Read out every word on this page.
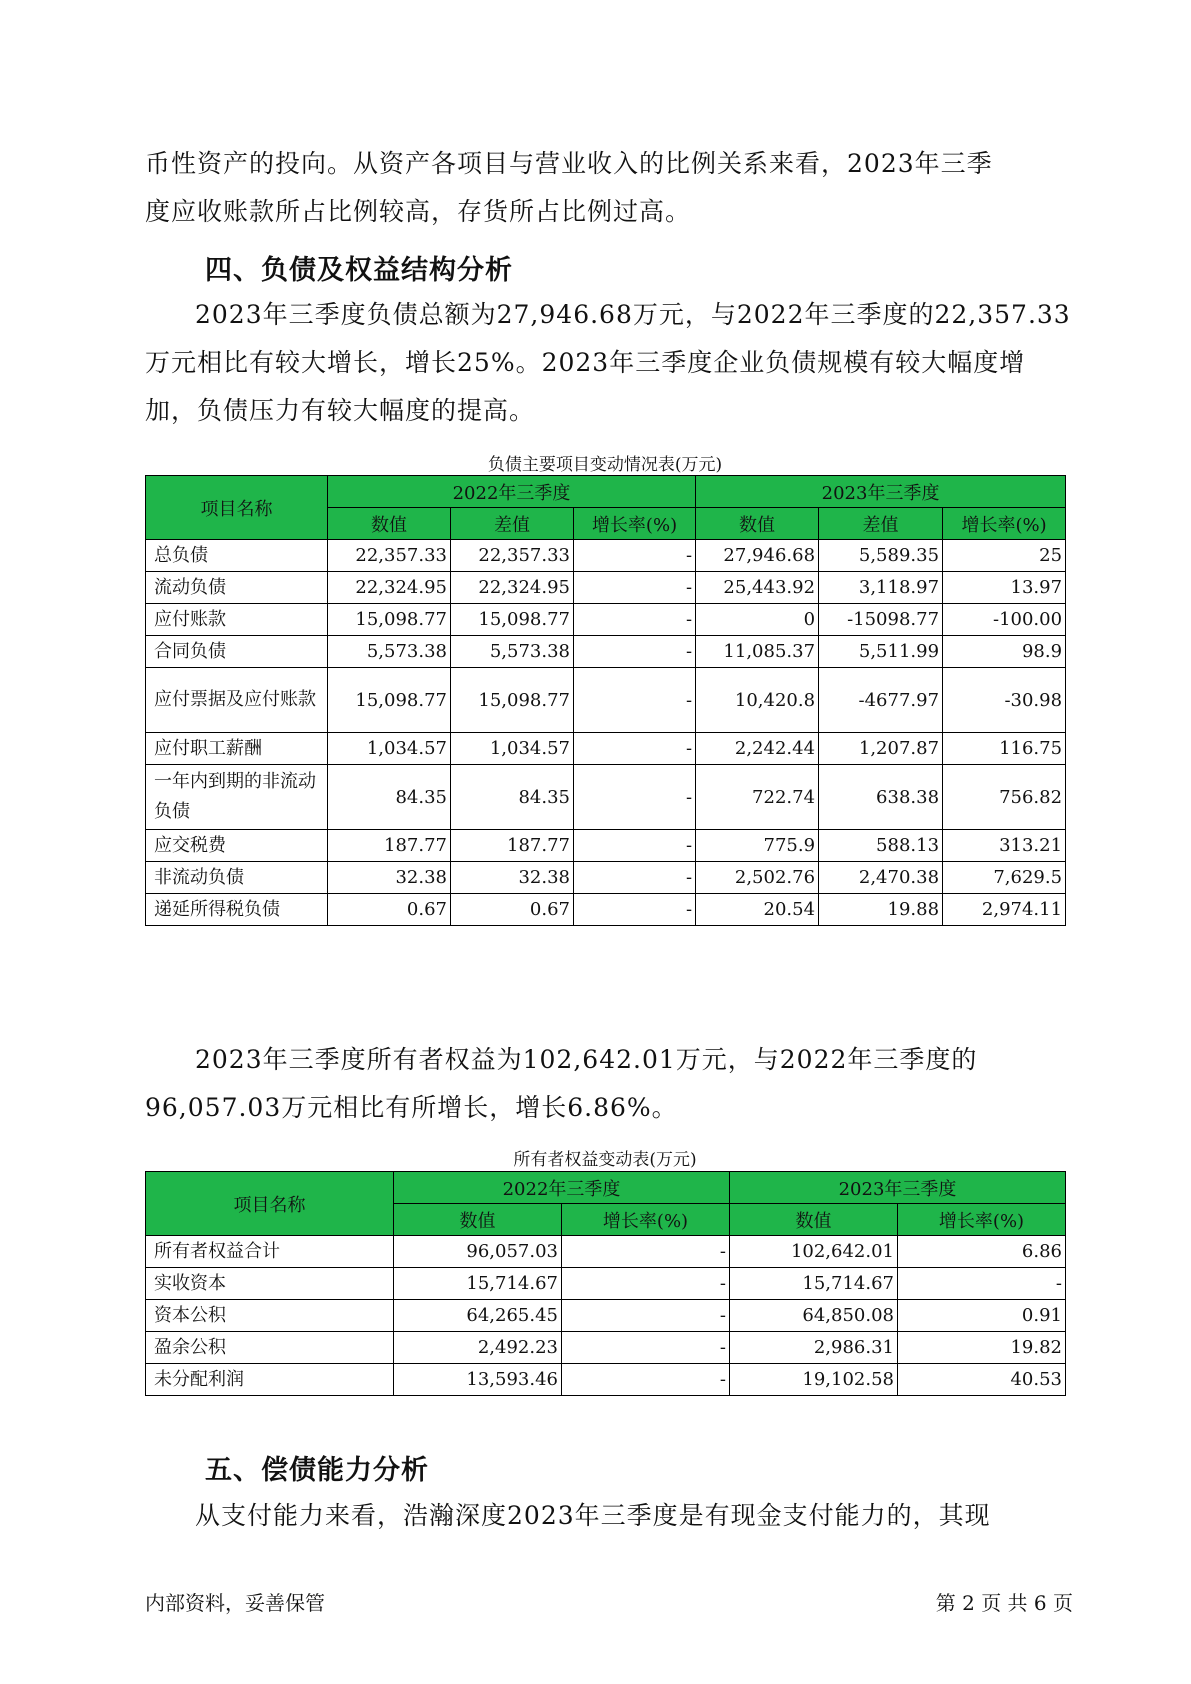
币性资产的投向。从资产各项目与营业收入的比例关系来看，2023年三季
度应收账款所占比例较高，存货所占比例过高。

四、负债及权益结构分析

2023年三季度负债总额为27,946.68万元，与2022年三季度的22,357.33
万元相比有较大增长，增长25%。2023年三季度企业负债规模有较大幅度增
加，负债压力有较大幅度的提高。

负债主要项目变动情况表(万元)

项目名称	2022年三季度			2023年三季度		
	数值	差值	增长率(%)	数值	差值	增长率(%)
总负债	22,357.33	22,357.33	-	27,946.68	5,589.35	25
流动负债	22,324.95	22,324.95	-	25,443.92	3,118.97	13.97
应付账款	15,098.77	15,098.77	-	0	-15098.77	-100.00
合同负债	5,573.38	5,573.38	-	11,085.37	5,511.99	98.9
应付票据及应付账款	15,098.77	15,098.77	-	10,420.8	-4677.97	-30.98
应付职工薪酬	1,034.57	1,034.57	-	2,242.44	1,207.87	116.75
一年内到期的非流动负债	84.35	84.35	-	722.74	638.38	756.82
应交税费	187.77	187.77	-	775.9	588.13	313.21
非流动负债	32.38	32.38	-	2,502.76	2,470.38	7,629.5
递延所得税负债	0.67	0.67	-	20.54	19.88	2,974.11

2023年三季度所有者权益为102,642.01万元，与2022年三季度的
96,057.03万元相比有所增长，增长6.86%。

所有者权益变动表(万元)

项目名称	2022年三季度		2023年三季度	
	数值	增长率(%)	数值	增长率(%)
所有者权益合计	96,057.03	-	102,642.01	6.86
实收资本	15,714.67	-	15,714.67	-
资本公积	64,265.45	-	64,850.08	0.91
盈余公积	2,492.23	-	2,986.31	19.82
未分配利润	13,593.46	-	19,102.58	40.53
五、偿债能力分析

从支付能力来看，浩瀚深度2023年三季度是有现金支付能力的，其现

内部资料，妥善保管	第 2 页 共 6 页
